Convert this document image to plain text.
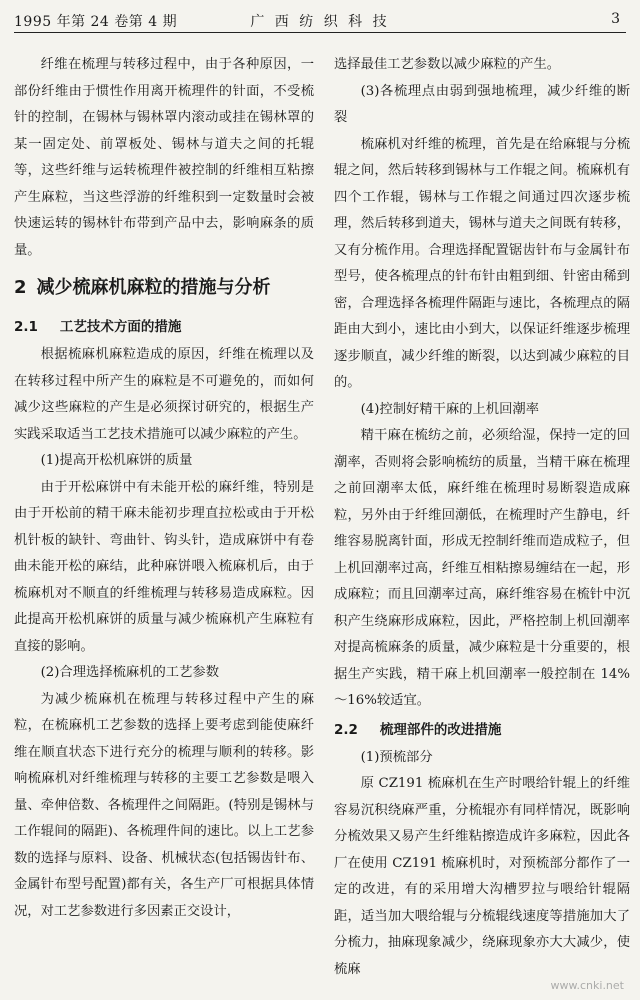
1995 年第 24 卷第 4 期	广 西 纺 织 科 技	3

纤维在梳理与转移过程中，由于各种原因，一部份纤维由于惯性作用离开梳理件的针面，不受梳针的控制，在锡林与锡林罩内滚动或挂在锡林罩的某一固定处、前罩板处、锡林与道夫之间的托辊等，这些纤维与运转梳理件被控制的纤维相互粘擦产生麻粒，当这些浮游的纤维积到一定数量时会被快速运转的锡林针布带到产品中去，影响麻条的质量。

2 减少梳麻机麻粒的措施与分析
2.1 工艺技术方面的措施

根据梳麻机麻粒造成的原因，纤维在梳理以及在转移过程中所产生的麻粒是不可避免的，而如何减少这些麻粒的产生是必须探讨研究的，根据生产实践采取适当工艺技术措施可以减少麻粒的产生。

(1)提高开松机麻饼的质量

由于开松麻饼中有未能开松的麻纤维，特别是由于开松前的精干麻未能初步理直拉松或由于开松机针板的缺针、弯曲针、钩头针，造成麻饼中有卷曲未能开松的麻结，此种麻饼喂入梳麻机后，由于梳麻机对不顺直的纤维梳理与转移易造成麻粒。因此提高开松机麻饼的质量与减少梳麻机产生麻粒有直接的影响。

(2)合理选择梳麻机的工艺参数

为减少梳麻机在梳理与转移过程中产生的麻粒，在梳麻机工艺参数的选择上要考虑到能使麻纤维在顺直状态下进行充分的梳理与顺利的转移。影响梳麻机对纤维梳理与转移的主要工艺参数是喂入量、牵伸倍数、各梳理件之间隔距。(特别是锡林与工作辊间的隔距)、各梳理件间的速比。以上工艺参数的选择与原料、设备、机械状态(包括锡齿针布、金属针布型号配置)都有关，各生产厂可根据具体情况，对工艺参数进行多因素正交设计，

选择最佳工艺参数以减少麻粒的产生。

(3)各梳理点由弱到强地梳理，减少纤维的断裂

梳麻机对纤维的梳理，首先是在给麻辊与分梳辊之间，然后转移到锡林与工作辊之间。梳麻机有四个工作辊，锡林与工作辊之间通过四次逐步梳理，然后转移到道夫，锡林与道夫之间既有转移，又有分梳作用。合理选择配置锯齿针布与金属针布型号，使各梳理点的针布针由粗到细、针密由稀到密，合理选择各梳理件隔距与速比，各梳理点的隔距由大到小，速比由小到大，以保证纤维逐步梳理逐步顺直，减少纤维的断裂，以达到减少麻粒的目的。

(4)控制好精干麻的上机回潮率

精干麻在梳纺之前，必须给湿，保持一定的回潮率，否则将会影响梳纺的质量，当精干麻在梳理之前回潮率太低，麻纤维在梳理时易断裂造成麻粒，另外由于纤维回潮低，在梳理时产生静电，纤维容易脱离针面，形成无控制纤维而造成粒子，但上机回潮率过高，纤维互相粘擦易缠结在一起，形成麻粒；而且回潮率过高，麻纤维容易在梳针中沉积产生绕麻形成麻粒，因此，严格控制上机回潮率对提高梳麻条的质量，减少麻粒是十分重要的，根据生产实践，精干麻上机回潮率一般控制在 14%～16%较适宜。

2.2 梳理部件的改进措施

(1)预梳部分

原 CZ191 梳麻机在生产时喂给针辊上的纤维容易沉积绕麻严重，分梳辊亦有同样情况，既影响分梳效果又易产生纤维粘擦造成许多麻粒，因此各厂在使用 CZ191 梳麻机时，对预梳部分都作了一定的改进，有的采用增大沟槽罗拉与喂给针辊隔距，适当加大喂给辊与分梳辊线速度等措施加大了分梳力，抽麻现象减少，绕麻现象亦大大减少，使梳麻

www.cnki.net
